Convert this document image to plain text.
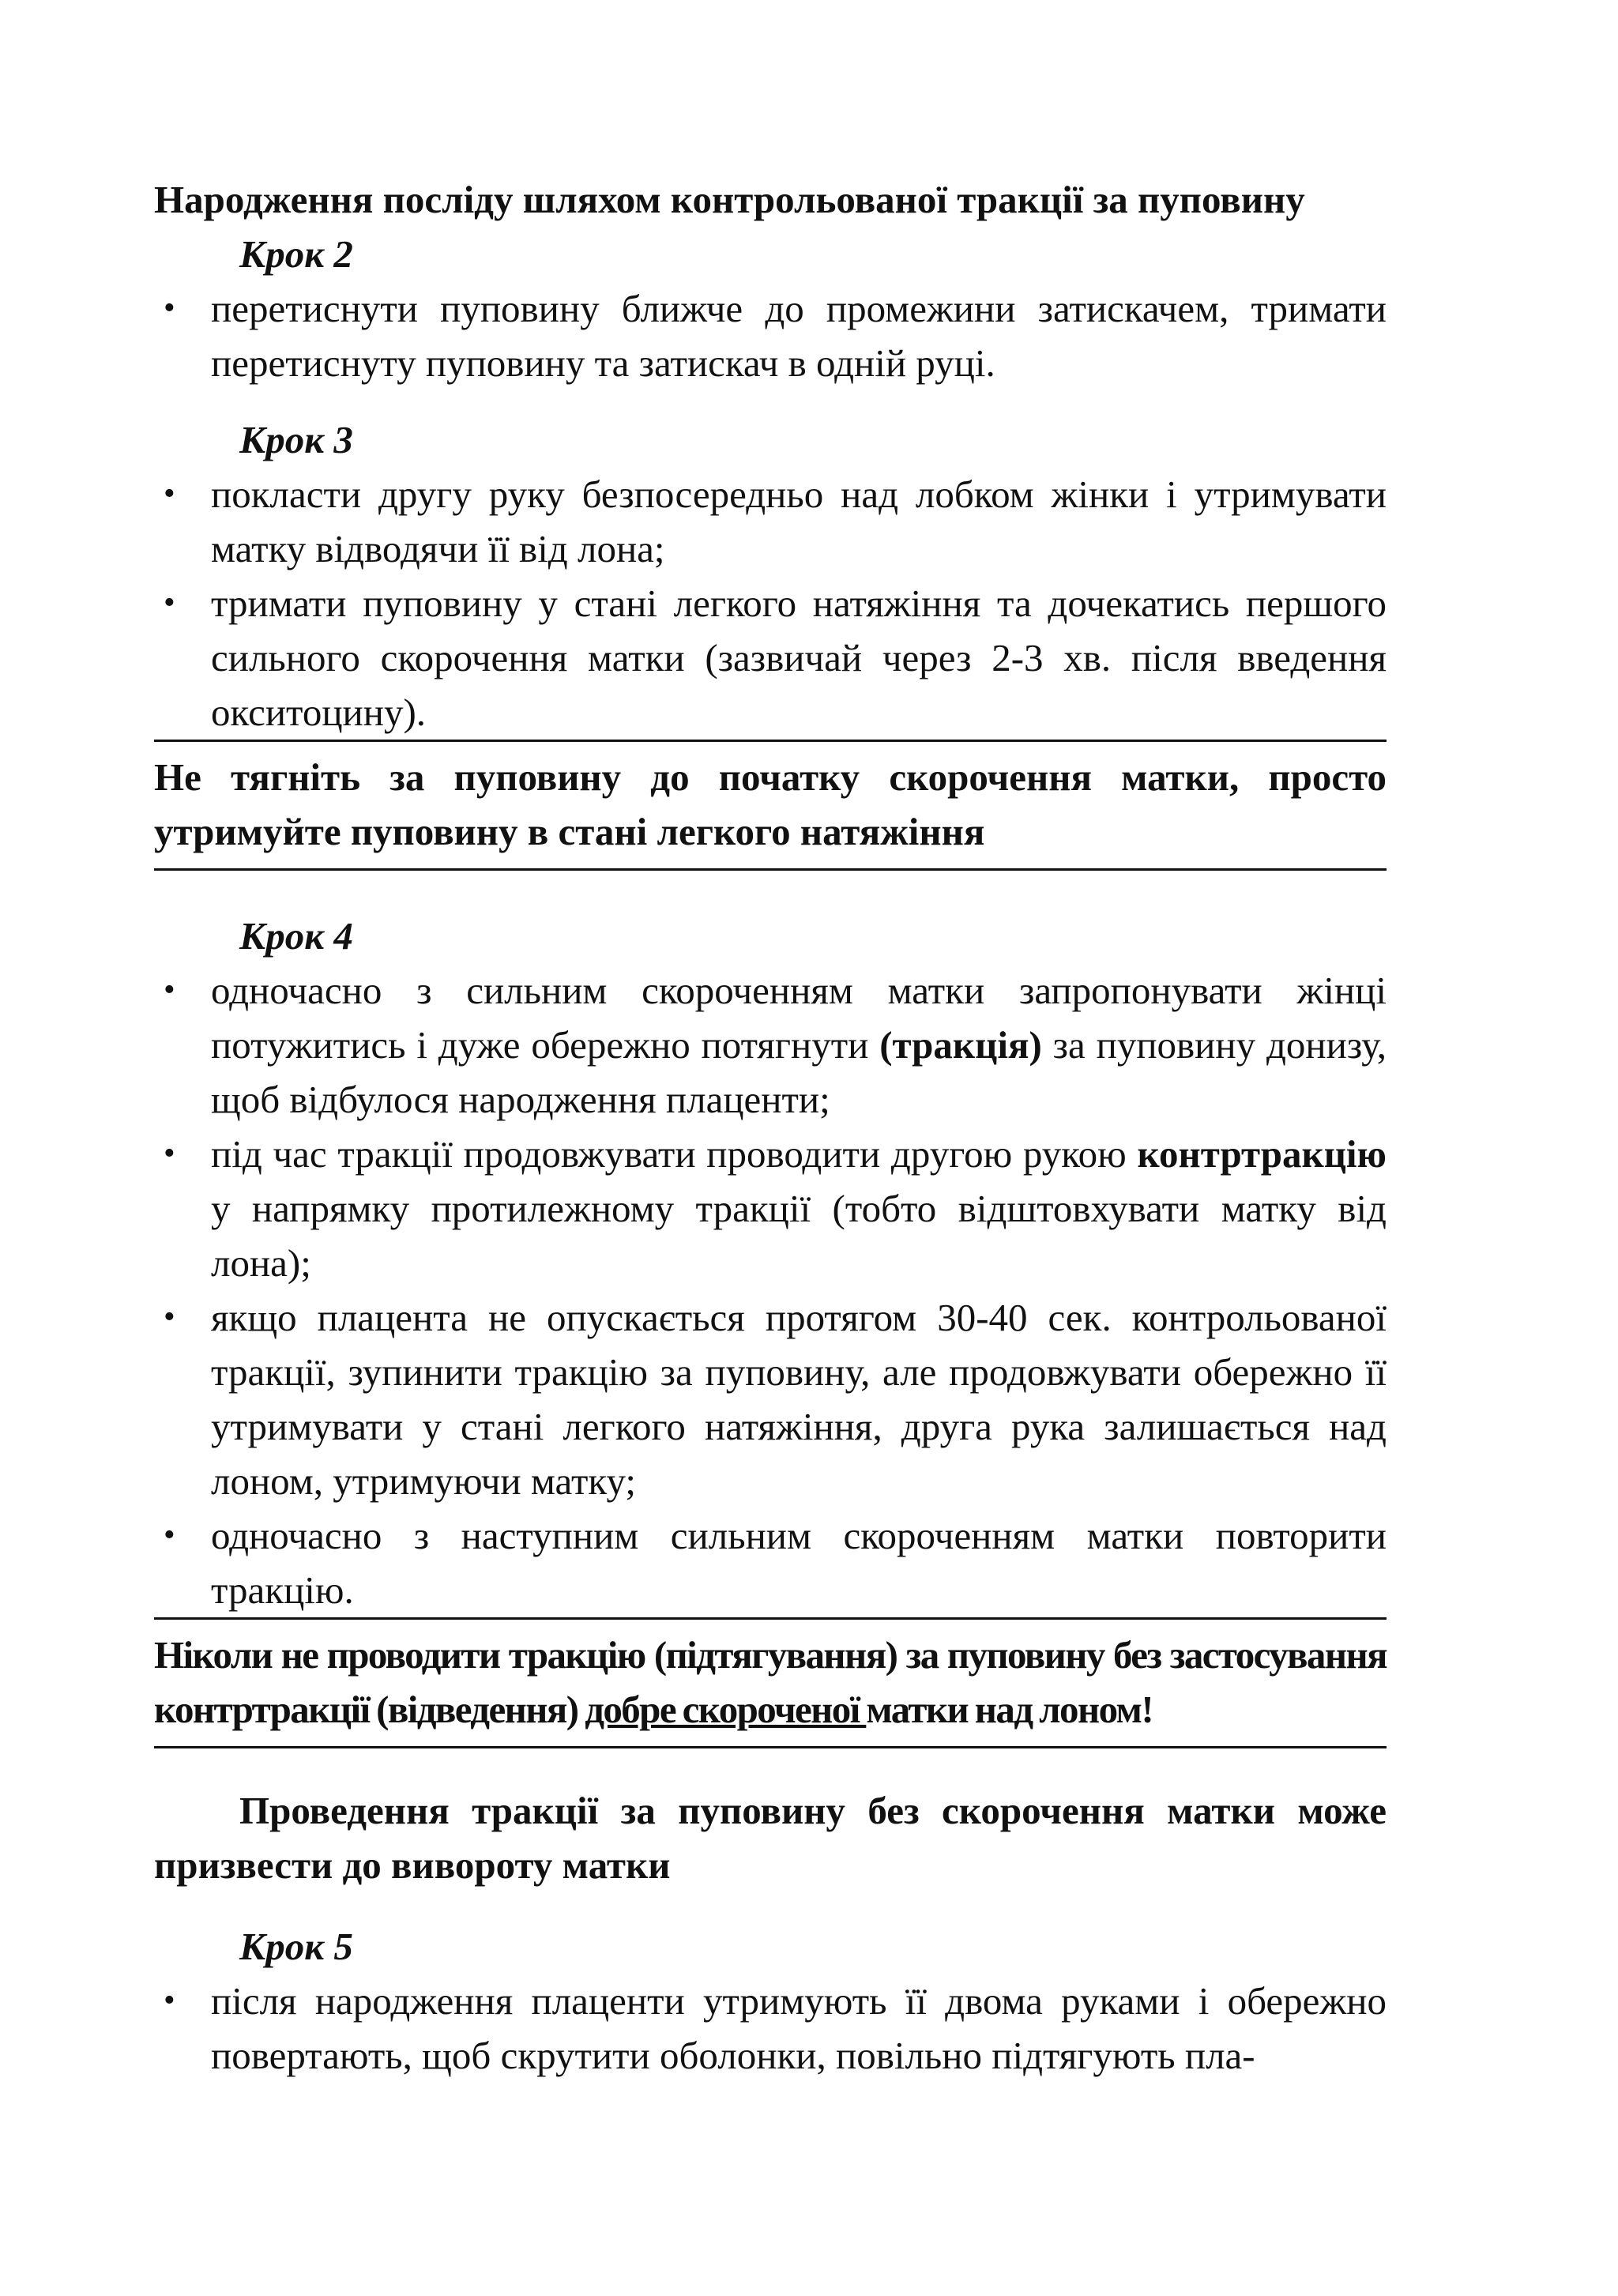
Народження посліду шляхом контрольованої тракції за пуповину

Крок 2

• перетиснути пуповину ближче до промежини затискачем, тримати перетиснуту пуповину та затискач в одній руці.

Крок 3

• покласти другу руку безпосередньо над лобком жінки і утримувати матку відводячи її від лона;
• тримати пуповину у стані легкого натяжіння та дочекатись першого сильного скорочення матки (зазвичай через 2-3 хв. після введення окситоцину).
Не тягніть за пуповину до початку скорочення матки, просто утримуйте пуповину в стані легкого натяжіння

Крок 4

• одночасно з сильним скороченням матки запропонувати жінці потужитись і дуже обережно потягнути (тракція) за пуповину донизу, щоб відбулося народження плаценти;
• під час тракції продовжувати проводити другою рукою контртракцію у напрямку протилежному тракції (тобто відштовхувати матку від лона);
• якщо плацента не опускається протягом 30-40 сек. контрольованої тракції, зупинити тракцію за пуповину, але продовжувати обережно її утримувати у стані легкого натяжіння, друга рука залишається над лоном, утримуючи матку;
• одночасно з наступним сильним скороченням матки повторити тракцію.
Ніколи не проводити тракцію (підтягування) за пуповину без застосування контртракції (відведення) добре скороченої матки над лоном!

Проведення тракції за пуповину без скорочення матки може призвести до вивороту матки

Крок 5

• після народження плаценти утримують її двома руками і обережно повертають, щоб скрутити оболонки, повільно підтягують пла-
